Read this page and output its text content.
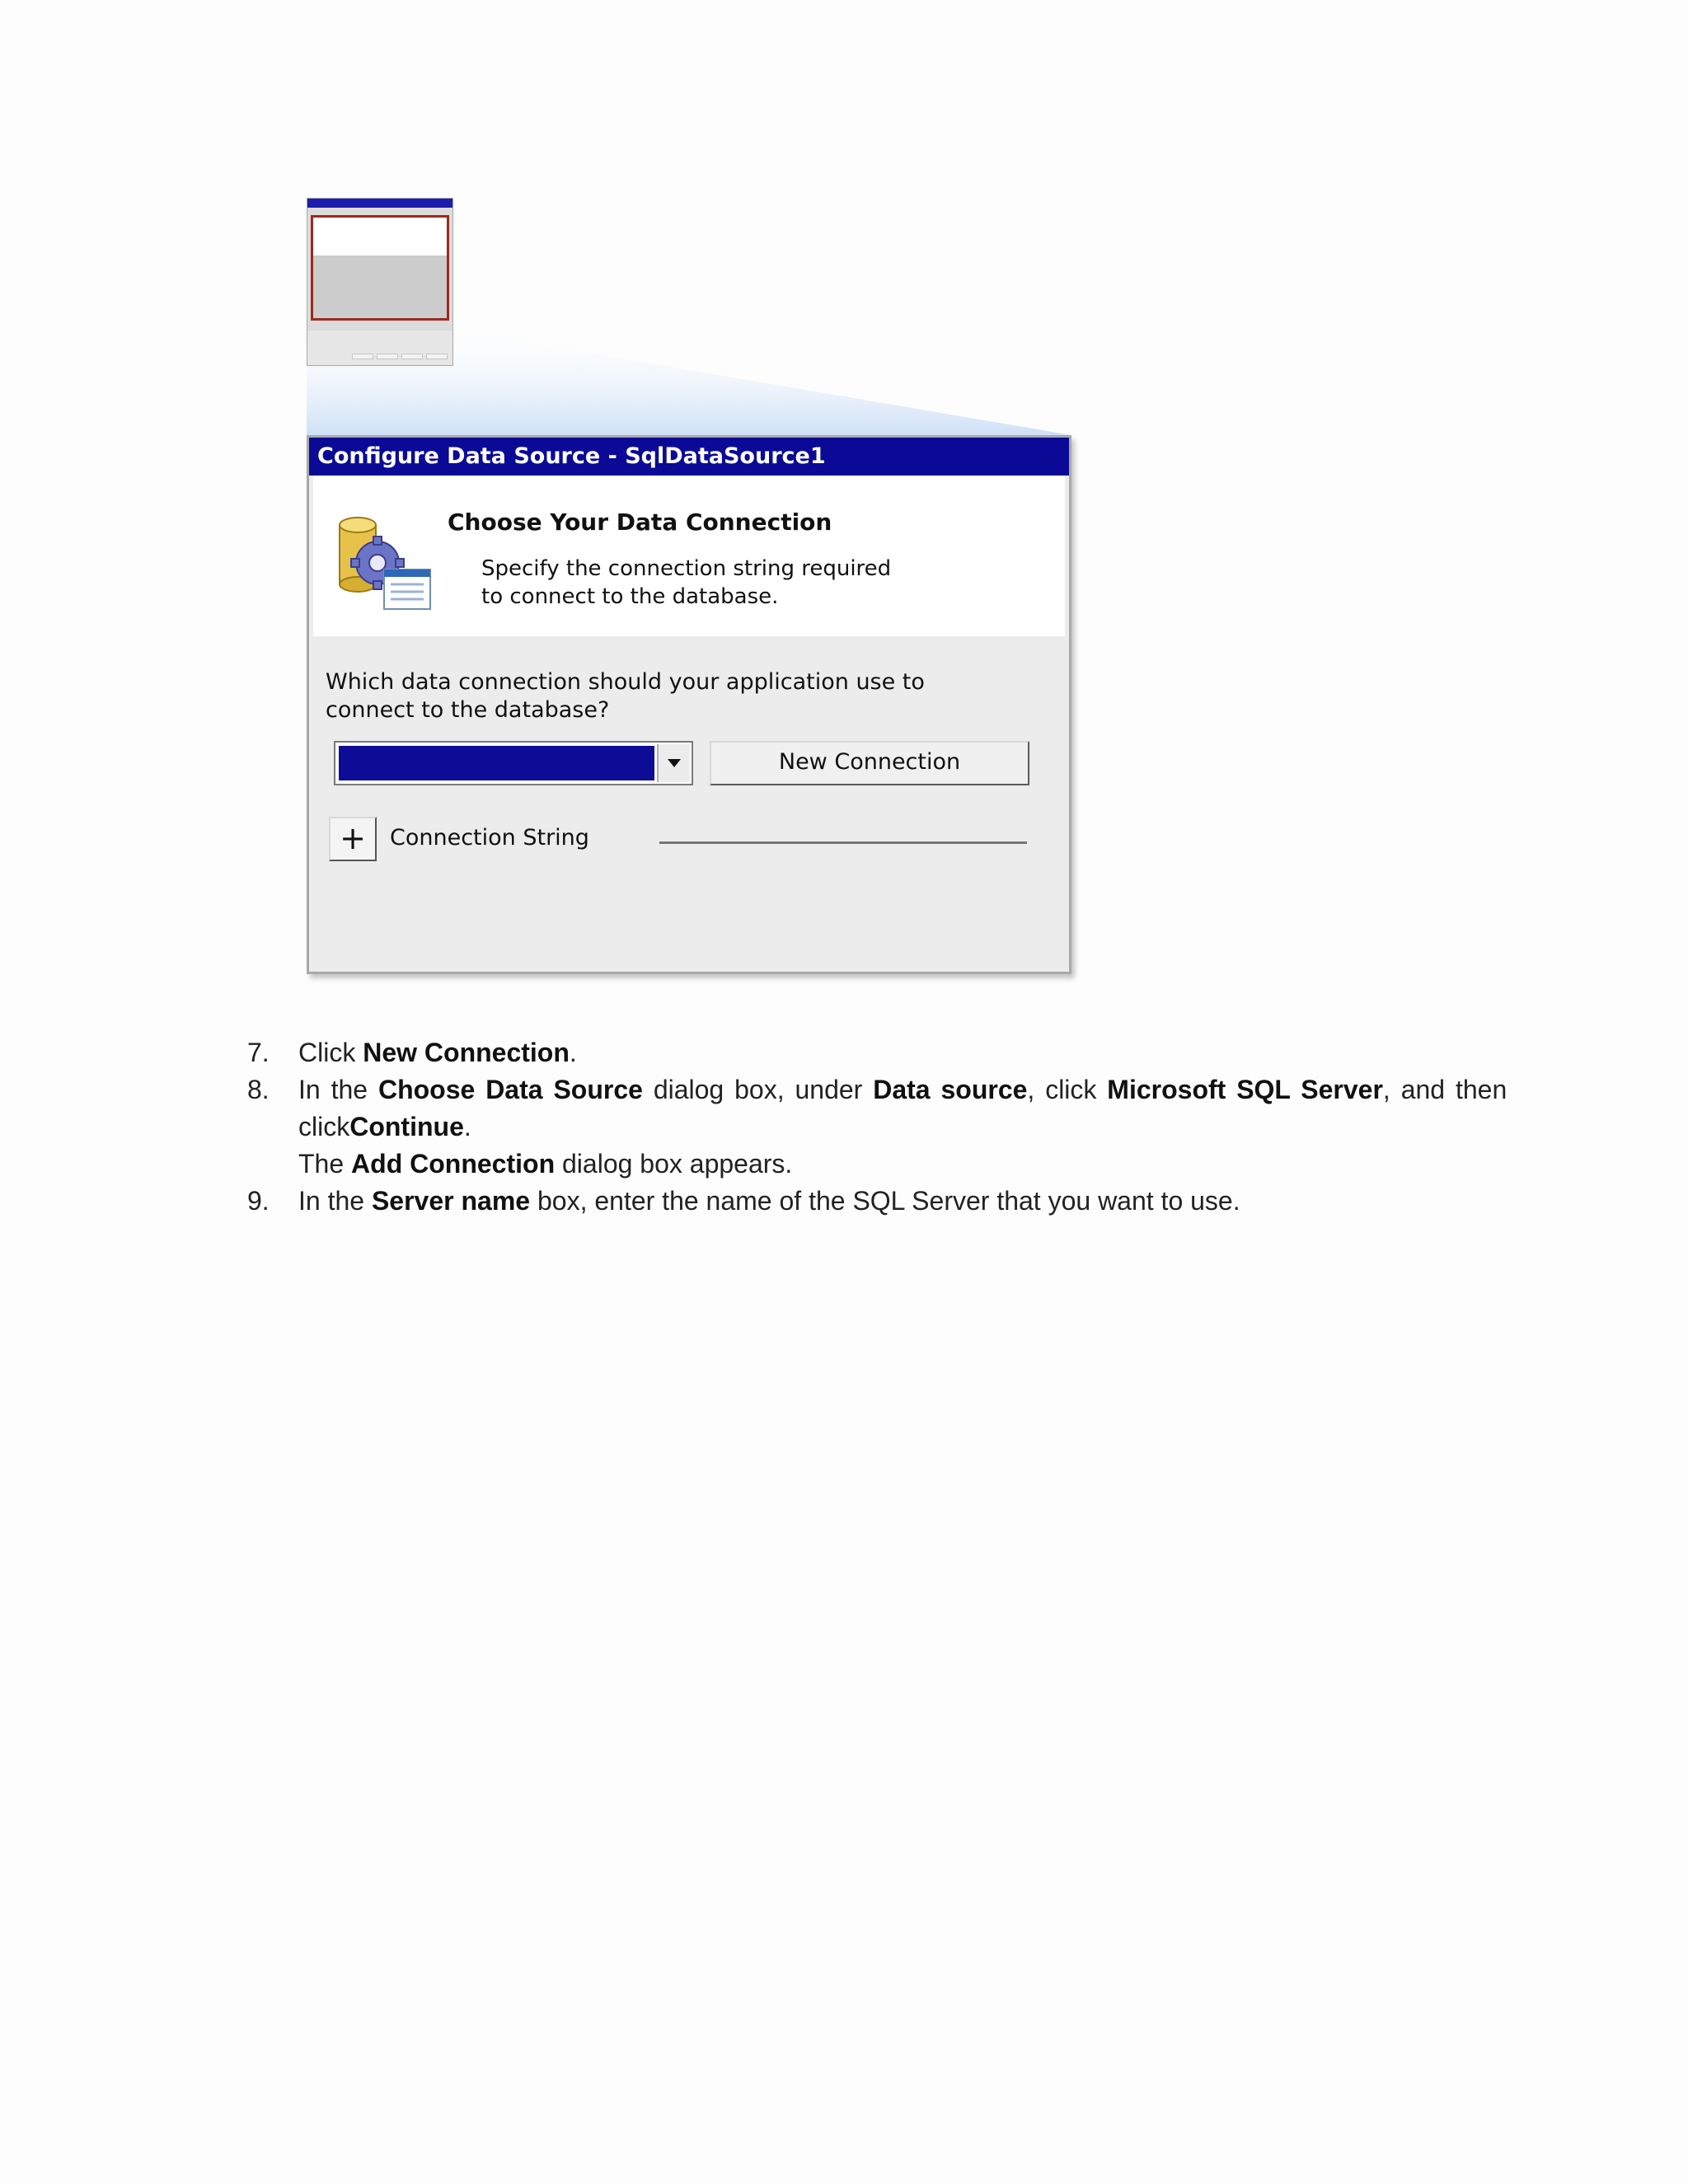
Configure Data Source - SqlDataSource1
Choose Your Data Connection
Specify the connection string required
to connect to the database.
Which data connection should your application use to
connect to the database?
New Connection
+	Connection String
7. Click New Connection.
8. In the Choose Data Source dialog box, under Data source, click Microsoft SQL Server, and then
clickContinue.
The Add Connection dialog box appears.
9. In the Server name box, enter the name of the SQL Server that you want to use.
